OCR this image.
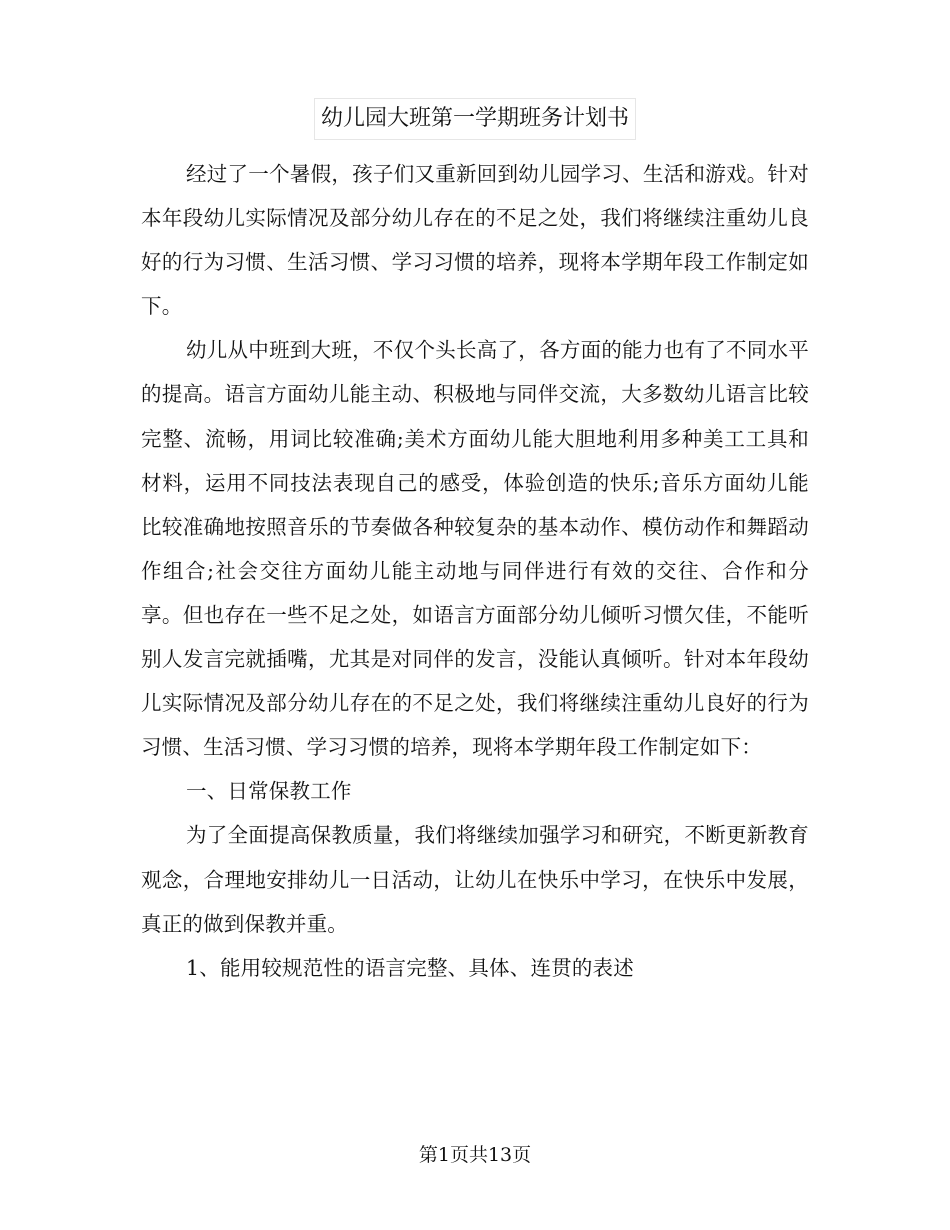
幼儿园大班第一学期班务计划书

经过了一个暑假，孩子们又重新回到幼儿园学习、生活和游戏。针对本年段幼儿实际情况及部分幼儿存在的不足之处，我们将继续注重幼儿良好的行为习惯、生活习惯、学习习惯的培养，现将本学期年段工作制定如下。

幼儿从中班到大班，不仅个头长高了，各方面的能力也有了不同水平的提高。语言方面幼儿能主动、积极地与同伴交流，大多数幼儿语言比较完整、流畅，用词比较准确;美术方面幼儿能大胆地利用多种美工工具和材料，运用不同技法表现自己的感受，体验创造的快乐;音乐方面幼儿能比较准确地按照音乐的节奏做各种较复杂的基本动作、模仿动作和舞蹈动作组合;社会交往方面幼儿能主动地与同伴进行有效的交往、合作和分享。但也存在一些不足之处，如语言方面部分幼儿倾听习惯欠佳，不能听别人发言完就插嘴，尤其是对同伴的发言，没能认真倾听。针对本年段幼儿实际情况及部分幼儿存在的不足之处，我们将继续注重幼儿良好的行为习惯、生活习惯、学习习惯的培养，现将本学期年段工作制定如下：

一、日常保教工作

为了全面提高保教质量，我们将继续加强学习和研究，不断更新教育观念，合理地安排幼儿一日活动，让幼儿在快乐中学习，在快乐中发展，真正的做到保教并重。

1、能用较规范性的语言完整、具体、连贯的表述

第1页共13页
